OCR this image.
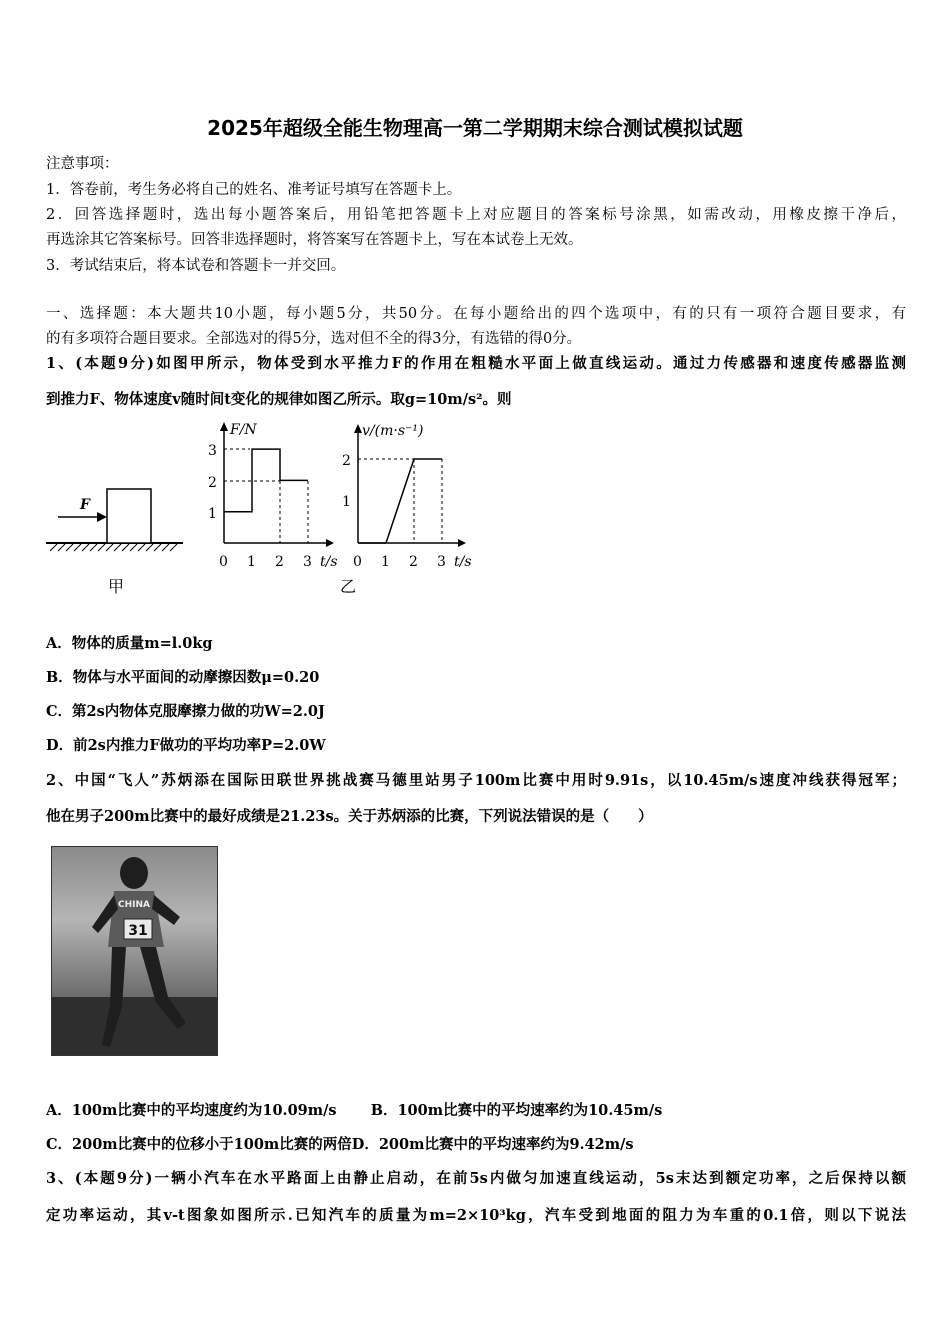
2025年超级全能生物理高一第二学期期末综合测试模拟试题
注意事项：
1．答卷前，考生务必将自己的姓名、准考证号填写在答题卡上。
2．回答选择题时，选出每小题答案后，用铅笔把答题卡上对应题目的答案标号涂黑，如需改动，用橡皮擦干净后，
再选涂其它答案标号。回答非选择题时，将答案写在答题卡上，写在本试卷上无效。
3．考试结束后，将本试卷和答题卡一并交回。
一、选择题：本大题共10小题，每小题5分，共50分。在每小题给出的四个选项中，有的只有一项符合题目要求，有
的有多项符合题目要求。全部选对的得5分，选对但不全的得3分，有选错的得0分。
1、(本题9分)如图甲所示，物体受到水平推力F的作用在粗糙水平面上做直线运动。通过力传感器和速度传感器监测
到推力F、物体速度v随时间t变化的规律如图乙所示。取g=10m/s²。则
F
甲
F/N
3
2
1
0 1 2 3 t/s
v/(m·s⁻¹)
2
1
0 1 2 3 t/s
乙
A．物体的质量m=l.0kg
B．物体与水平面间的动摩擦因数μ=0.20
C．第2s内物体克服摩擦力做的功W=2.0J
D．前2s内推力F做功的平均功率P=2.0W
2、中国“飞人”苏炳添在国际田联世界挑战赛马德里站男子100m比赛中用时9.91s，以10.45m/s速度冲线获得冠军；
他在男子200m比赛中的最好成绩是21.23s。关于苏炳添的比赛，下列说法错误的是（　　）
31
CHINA
A．100m比赛中的平均速度约为10.09m/s B．100m比赛中的平均速率约为10.45m/s
C．200m比赛中的位移小于100m比赛的两倍D．200m比赛中的平均速率约为9.42m/s
3、(本题9分)一辆小汽车在水平路面上由静止启动，在前5s内做匀加速直线运动，5s末达到额定功率，之后保持以额
定功率运动，其v-t图象如图所示.已知汽车的质量为m=2×10³kg，汽车受到地面的阻力为车重的0.1倍，则以下说法
